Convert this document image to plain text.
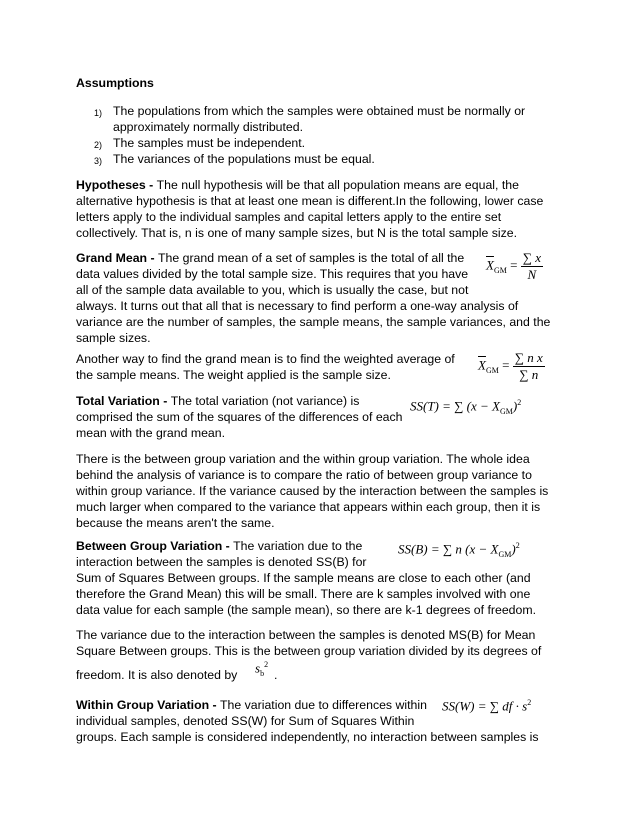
Assumptions
1) The populations from which the samples were obtained must be normally or
approximately normally distributed.
2) The samples must be independent.
3) The variances of the populations must be equal.
Hypotheses - The null hypothesis will be that all population means are equal, the
alternative hypothesis is that at least one mean is different.In the following, lower case
letters apply to the individual samples and capital letters apply to the entire set
collectively. That is, n is one of many sample sizes, but N is the total sample size.
Grand Mean - The grand mean of a set of samples is the total of all the
data values divided by the total sample size. This requires that you have
all of the sample data available to you, which is usually the case, but not
always. It turns out that all that is necessary to find perform a one-way analysis of
variance are the number of samples, the sample means, the sample variances, and the
sample sizes.
$\overline{X}_{GM} = \frac{\sum x}{N}$
Another way to find the grand mean is to find the weighted average of
the sample means. The weight applied is the sample size.
$\overline{X}_{GM} = \frac{\text{∑ n x}}{\sum n}$
Total Variation - The total variation (not variance) is
comprised the sum of the squares of the differences of each
mean with the grand mean.
SS(T) = ∑ $(x - X_{GM})^2$
There is the between group variation and the within group variation. The whole idea
behind the analysis of variance is to compare the ratio of between group variance to
within group variance. If the variance caused by the interaction between the samples is
much larger when compared to the variance that appears within each group, then it is
because the means aren't the same.
Between Group Variation - The variation due to the
interaction between the samples is denoted SS(B) for
Sum of Squares Between groups. If the sample means are close to each other (and
therefore the Grand Mean) this will be small. There are k samples involved with one
data value for each sample (the sample mean), so there are k-1 degrees of freedom.
SS(B) = ∑ n $(x - X_{GM})^2$
The variance due to the interaction between the samples is denoted MS(B) for Mean
Square Between groups. This is the between group variation divided by its degrees of
freedom. It is also denoted by $s_b^2$
.
Within Group Variation - The variation due to differences within
individual samples, denoted SS(W) for Sum of Squares Within
groups. Each sample is considered independently, no interaction between samples is
SS(W) = ∑ df · $s^2$
